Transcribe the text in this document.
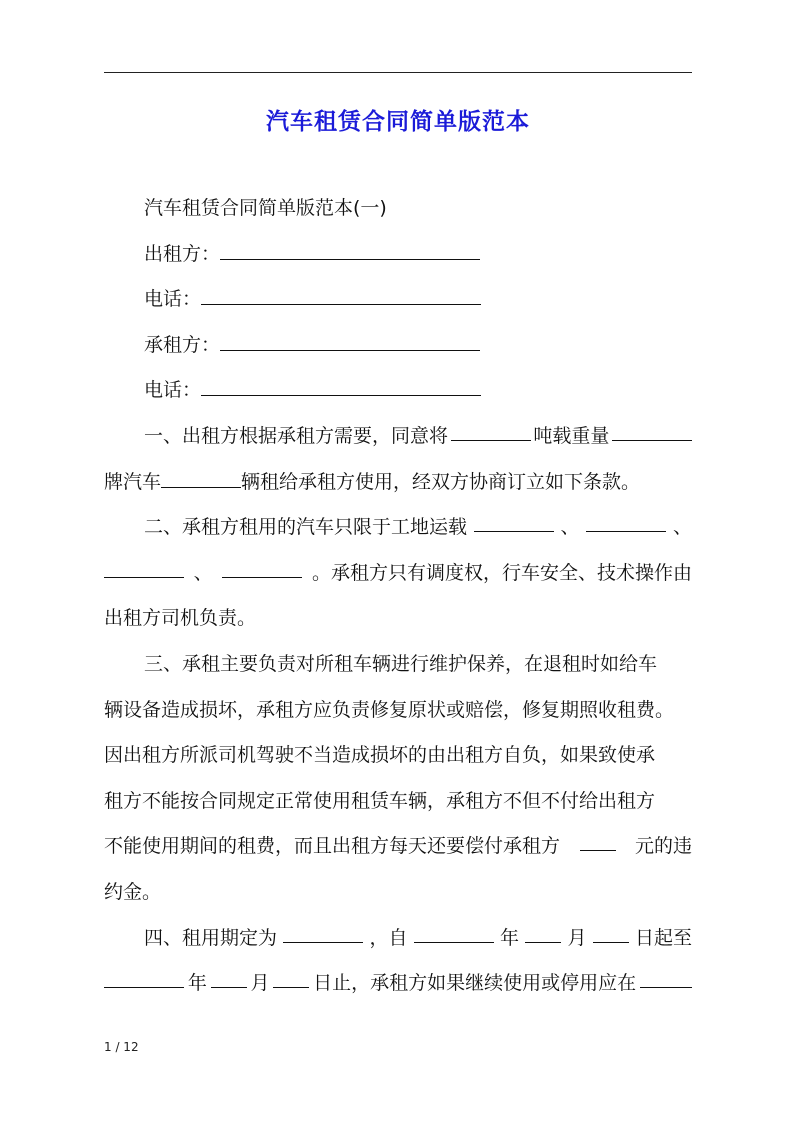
汽车租赁合同简单版范本
汽车租赁合同简单版范本(一)
出租方：
电话：
承租方：
电话：
一、出租方根据承租方需要，同意将	吨载重量
牌汽车	辆租给承租方使用，经双方协商订立如下条款。
二、承租方租用的汽车只限于工地运载	、	、
、	。承租方只有调度权，行车安全、技术操作由
出租方司机负责。
三、承租主要负责对所租车辆进行维护保养，在退租时如给车
辆设备造成损坏，承租方应负责修复原状或赔偿，修复期照收租费。
因出租方所派司机驾驶不当造成损坏的由出租方自负，如果致使承
租方不能按合同规定正常使用租赁车辆，承租方不但不付给出租方
不能使用期间的租费，而且出租方每天还要偿付承租方	元的违
约金。
四、租用期定为	，自	年	月	日起至
年 月 日止，承租方如果继续使用或停用应在
1 / 12
